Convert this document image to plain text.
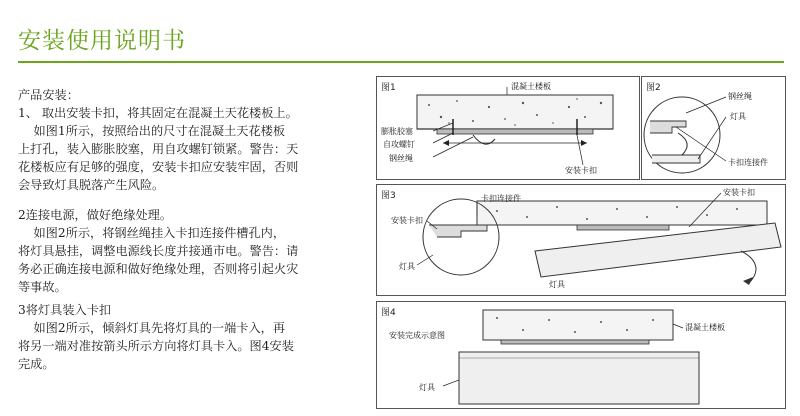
安装使用说明书
产品安装：
1、 取出安装卡扣，将其固定在混凝土天花楼板上。
如图1所示，按照给出的尺寸在混凝土天花楼板
上打孔，装入膨胀胶塞，用自攻螺钉锁紧。警告：天
花楼板应有足够的强度，安装卡扣应安装牢固，否则
会导致灯具脱落产生风险。
2连接电源，做好绝缘处理。
如图2所示，将钢丝绳挂入卡扣连接件槽孔内，
将灯具悬挂，调整电源线长度并接通市电。警告：请
务必正确连接电源和做好绝缘处理，否则将引起火灾
等事故。
3将灯具装入卡扣
如图2所示，倾斜灯具先将灯具的一端卡入，再
将另一端对准按箭头所示方向将灯具卡入。图4安装
完成。
图1	混凝土楼板
膨胀胶塞
自攻螺钉
钢丝绳
安装卡扣
图2
钢丝绳
灯具
卡扣连接件
图3	卡扣连接件
安装卡扣
安装卡扣
灯具
灯具
图4
安装完成示意图
混凝土楼板
灯具
